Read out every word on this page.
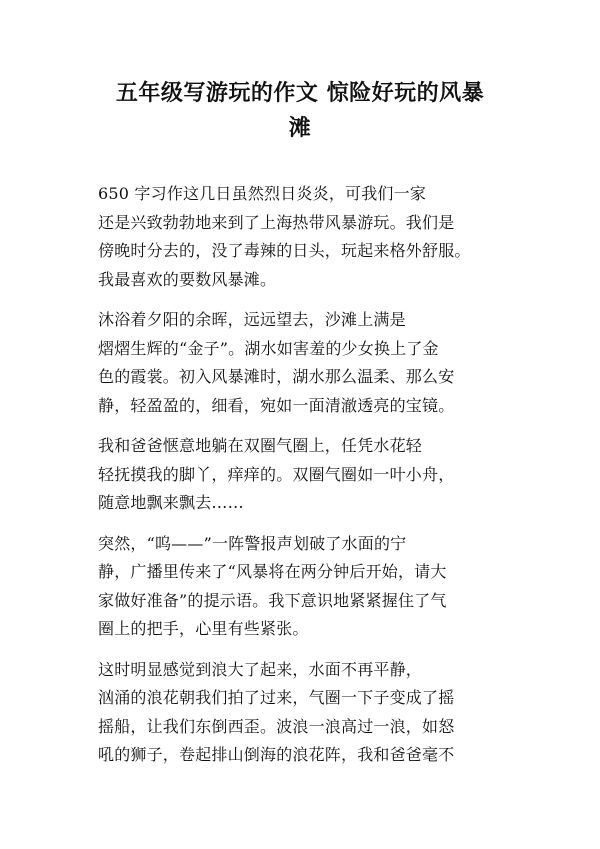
五年级写游玩的作文 惊险好玩的风暴
滩
650 字习作这几日虽然烈日炎炎，可我们一家
还是兴致勃勃地来到了上海热带风暴游玩。我们是
傍晚时分去的，没了毒辣的日头，玩起来格外舒服。
我最喜欢的要数风暴滩。
沐浴着夕阳的余晖，远远望去，沙滩上满是
熠熠生辉的“金子”。湖水如害羞的少女换上了金
色的霞裳。初入风暴滩时，湖水那么温柔、那么安
静，轻盈盈的，细看，宛如一面清澈透亮的宝镜。
我和爸爸惬意地躺在双圈气圈上，任凭水花轻
轻抚摸我的脚丫，痒痒的。双圈气圈如一叶小舟，
随意地飘来飘去……
突然，“呜——”一阵警报声划破了水面的宁
静，广播里传来了“风暴将在两分钟后开始，请大
家做好准备”的提示语。我下意识地紧紧握住了气
圈上的把手，心里有些紧张。
这时明显感觉到浪大了起来，水面不再平静，
汹涌的浪花朝我们拍了过来，气圈一下子变成了摇
摇船，让我们东倒西歪。波浪一浪高过一浪，如怒
吼的狮子，卷起排山倒海的浪花阵，我和爸爸毫不
